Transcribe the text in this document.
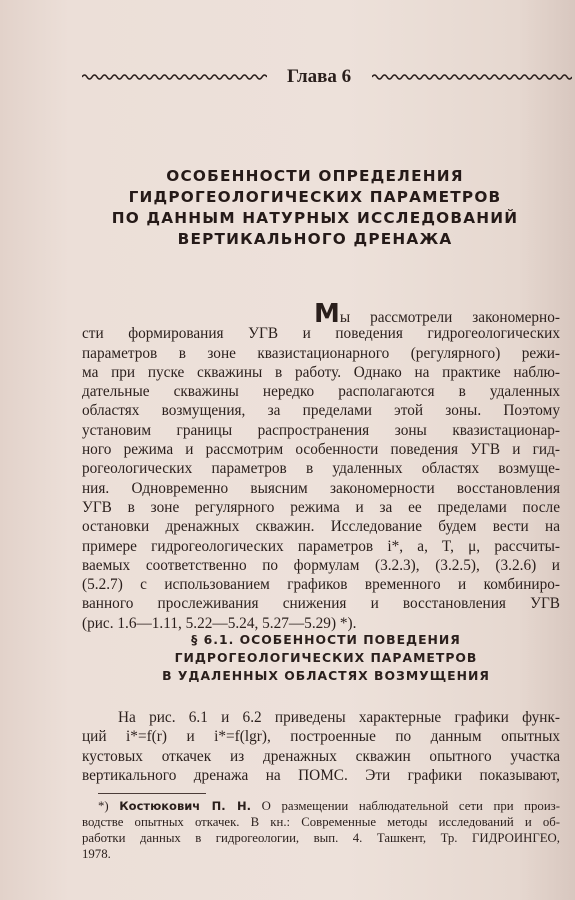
Глава 6
ОСОБЕННОСТИ ОПРЕДЕЛЕНИЯ
ГИДРОГЕОЛОГИЧЕСКИХ ПАРАМЕТРОВ
ПО ДАННЫМ НАТУРНЫХ ИССЛЕДОВАНИЙ
ВЕРТИКАЛЬНОГО ДРЕНАЖА
Мы рассмотрели закономерно-
сти формирования УГВ и поведения гидрогеологических
параметров в зоне квазистационарного (регулярного) режи-
ма при пуске скважины в работу. Однако на практике наблю-
дательные скважины нередко располагаются в удаленных
областях возмущения, за пределами этой зоны. Поэтому
установим границы распространения зоны квазистационар-
ного режима и рассмотрим особенности поведения УГВ и гид-
рогеологических параметров в удаленных областях возмуще-
ния. Одновременно выясним закономерности восстановления
УГВ в зоне регулярного режима и за ее пределами после
остановки дренажных скважин. Исследование будем вести на
примере гидрогеологических параметров i*, a, T, μ, рассчиты-
ваемых соответственно по формулам (3.2.3), (3.2.5), (3.2.6) и
(5.2.7) с использованием графиков временного и комбиниро-
ванного прослеживания снижения и восстановления УГВ
(рис. 1.6—1.11, 5.22—5.24, 5.27—5.29) *).
§ 6.1. ОСОБЕННОСТИ ПОВЕДЕНИЯ
ГИДРОГЕОЛОГИЧЕСКИХ ПАРАМЕТРОВ
В УДАЛЕННЫХ ОБЛАСТЯХ ВОЗМУЩЕНИЯ
На рис. 6.1 и 6.2 приведены характерные графики функ-
ций i*=f(r) и i*=f(lgr), построенные по данным опытных
кустовых откачек из дренажных скважин опытного участка
вертикального дренажа на ПОМС. Эти графики показывают,
*) Костюкович П. Н. О размещении наблюдательной сети при произ-
водстве опытных откачек. В кн.: Современные методы исследований и об-
работки данных в гидрогеологии, вып. 4. Ташкент, Тр. ГИДРОИНГЕО,
1978.
